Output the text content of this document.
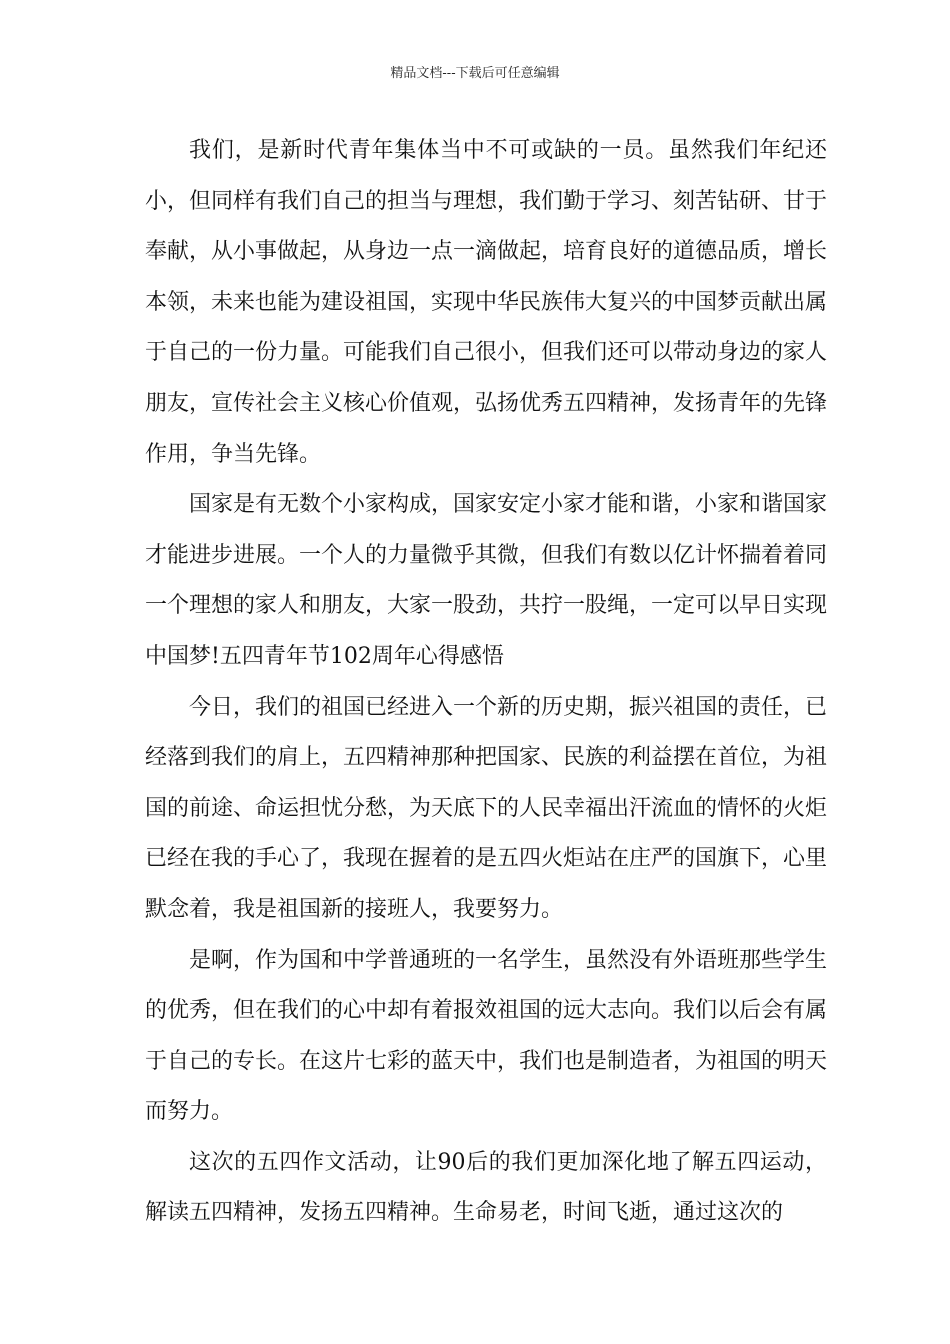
精品文档---下载后可任意编辑

我们，是新时代青年集体当中不可或缺的一员。虽然我们年纪还小，但同样有我们自己的担当与理想，我们勤于学习、刻苦钻研、甘于奉献，从小事做起，从身边一点一滴做起，培育良好的道德品质，增长本领，未来也能为建设祖国，实现中华民族伟大复兴的中国梦贡献出属于自己的一份力量。可能我们自己很小，但我们还可以带动身边的家人朋友，宣传社会主义核心价值观，弘扬优秀五四精神，发扬青年的先锋作用，争当先锋。

国家是有无数个小家构成，国家安定小家才能和谐，小家和谐国家才能进步进展。一个人的力量微乎其微，但我们有数以亿计怀揣着着同一个理想的家人和朋友，大家一股劲，共拧一股绳，一定可以早日实现中国梦!五四青年节102周年心得感悟

今日，我们的祖国已经进入一个新的历史期，振兴祖国的责任，已经落到我们的肩上，五四精神那种把国家、民族的利益摆在首位，为祖国的前途、命运担忧分愁，为天底下的人民幸福出汗流血的情怀的火炬已经在我的手心了，我现在握着的是五四火炬站在庄严的国旗下，心里默念着，我是祖国新的接班人，我要努力。

是啊，作为国和中学普通班的一名学生，虽然没有外语班那些学生的优秀，但在我们的心中却有着报效祖国的远大志向。我们以后会有属于自己的专长。在这片七彩的蓝天中，我们也是制造者，为祖国的明天而努力。

这次的五四作文活动，让90后的我们更加深化地了解五四运动，解读五四精神，发扬五四精神。生命易老，时间飞逝，通过这次的
